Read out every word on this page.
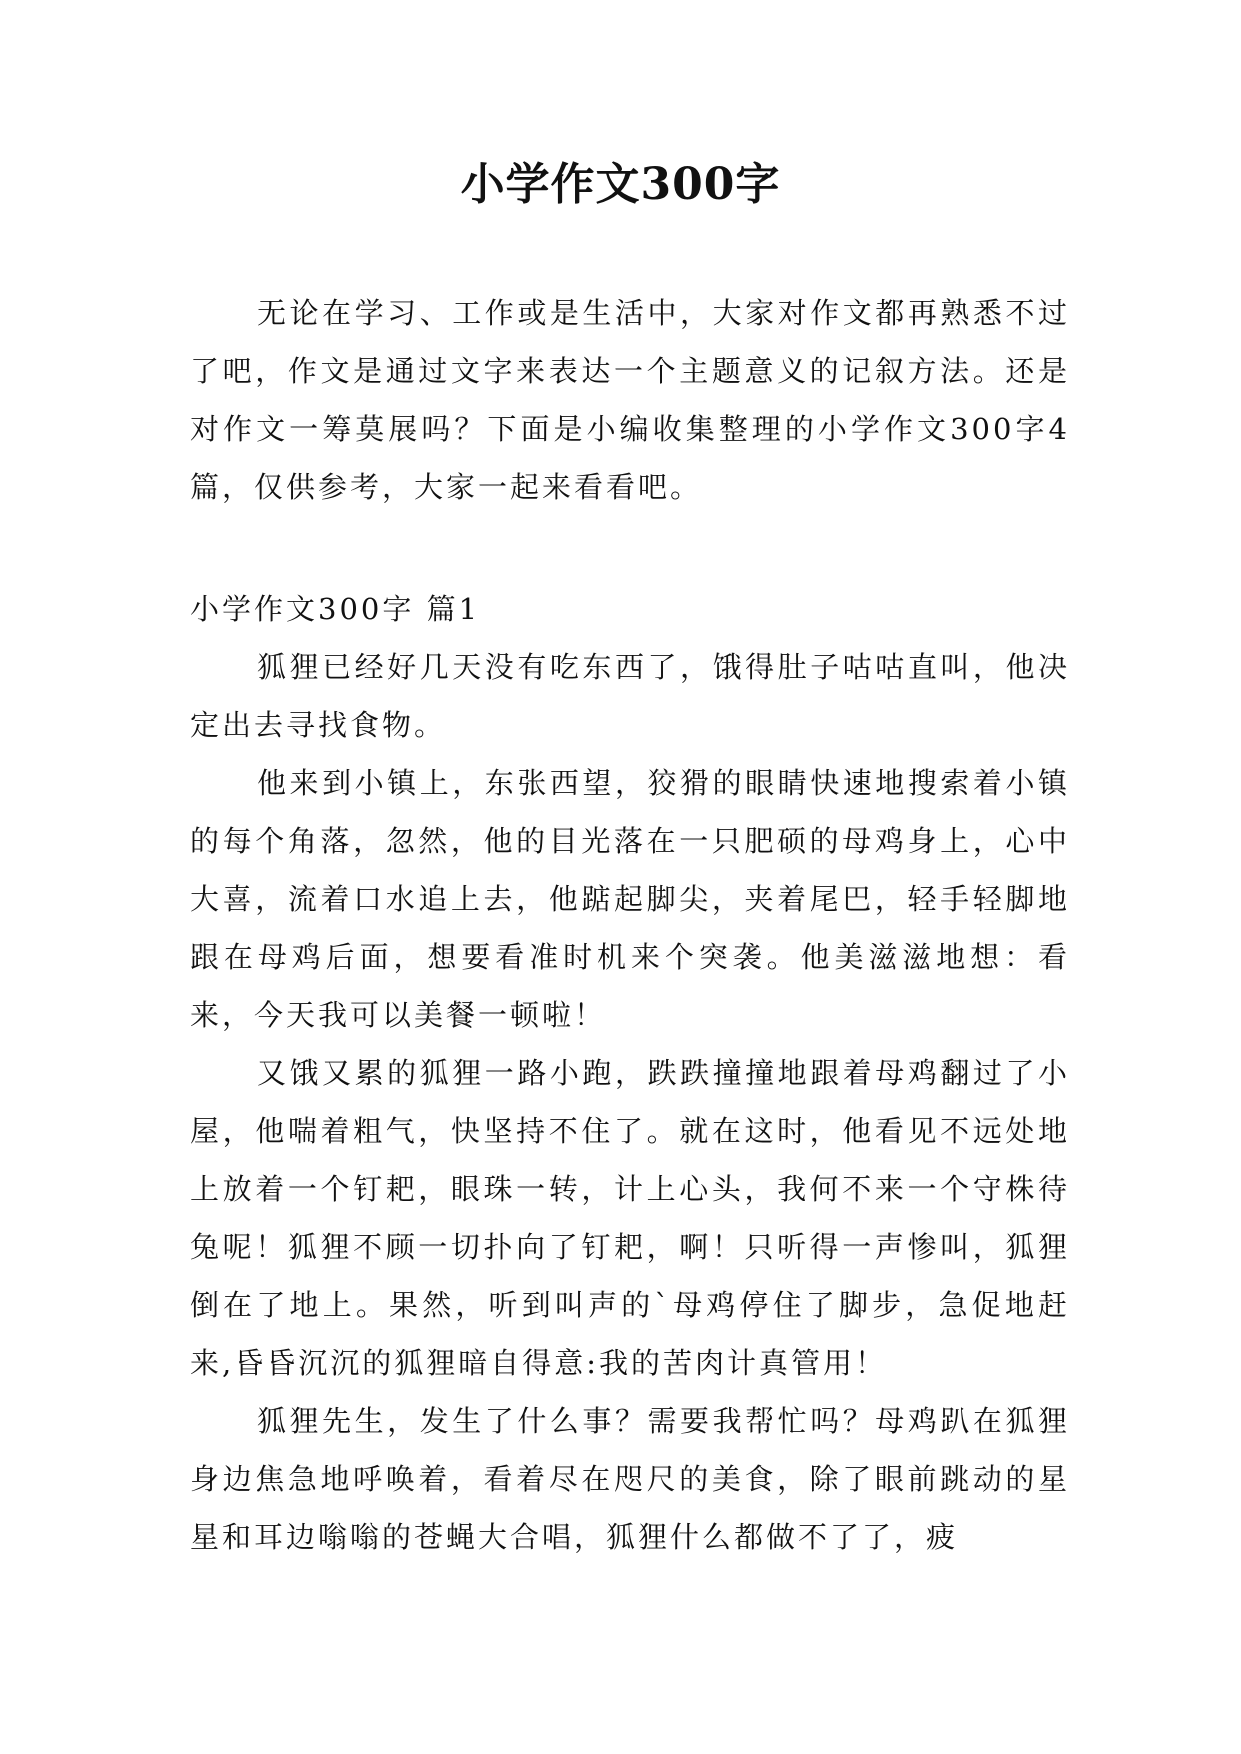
小学作文300字

无论在学习、工作或是生活中，大家对作文都再熟悉不过了吧，作文是通过文字来表达一个主题意义的记叙方法。还是对作文一筹莫展吗？下面是小编收集整理的小学作文300字4篇，仅供参考，大家一起来看看吧。

小学作文300字 篇1

狐狸已经好几天没有吃东西了，饿得肚子咕咕直叫，他决定出去寻找食物。

他来到小镇上，东张西望，狡猾的眼睛快速地搜索着小镇的每个角落，忽然，他的目光落在一只肥硕的母鸡身上，心中大喜，流着口水追上去，他踮起脚尖，夹着尾巴，轻手轻脚地跟在母鸡后面，想要看准时机来个突袭。他美滋滋地想：看来，今天我可以美餐一顿啦！

又饿又累的狐狸一路小跑，跌跌撞撞地跟着母鸡翻过了小屋，他喘着粗气，快坚持不住了。就在这时，他看见不远处地上放着一个钉耙，眼珠一转，计上心头，我何不来一个守株待兔呢！狐狸不顾一切扑向了钉耙，啊！只听得一声惨叫，狐狸倒在了地上。果然，听到叫声的`母鸡停住了脚步，急促地赶来,昏昏沉沉的狐狸暗自得意:我的苦肉计真管用！

狐狸先生，发生了什么事？需要我帮忙吗？母鸡趴在狐狸身边焦急地呼唤着，看着尽在咫尺的美食，除了眼前跳动的星星和耳边嗡嗡的苍蝇大合唱，狐狸什么都做不了了，疲
